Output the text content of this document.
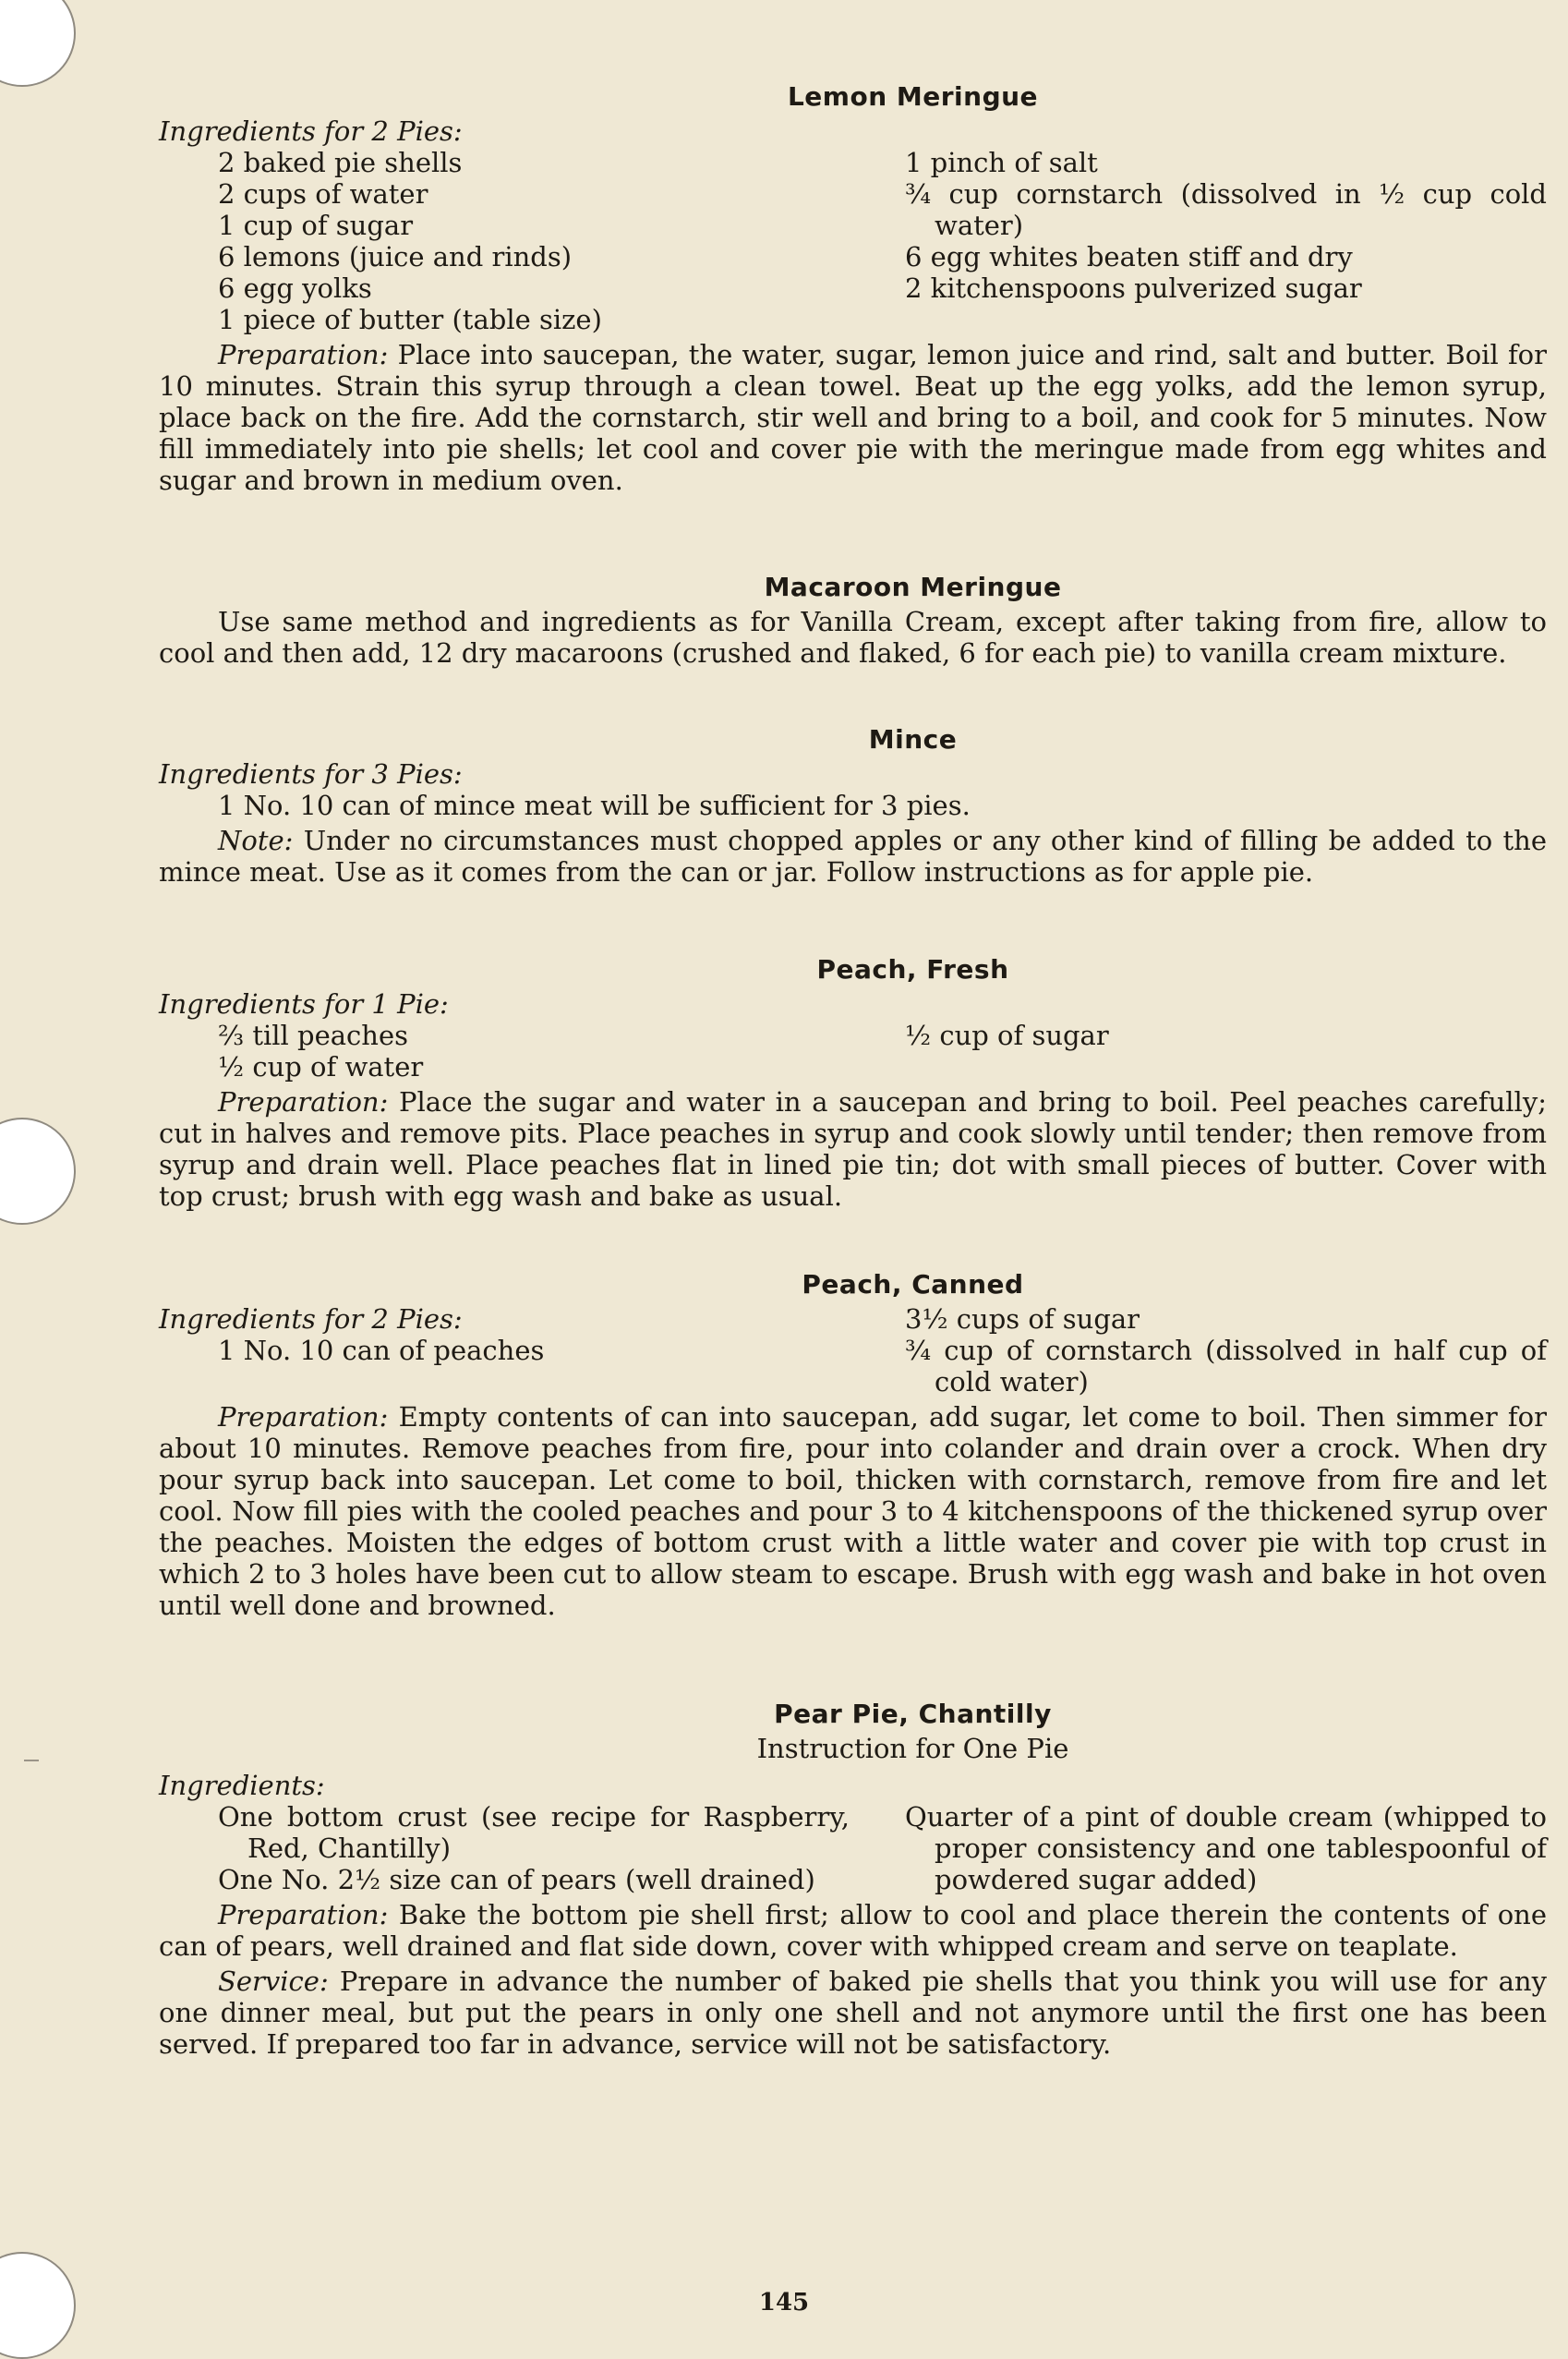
Lemon Meringue
Ingredients for 2 Pies:
2 baked pie shells
2 cups of water
1 cup of sugar
6 lemons (juice and rinds)
6 egg yolks
1 piece of butter (table size)
1 pinch of salt
¾ cup cornstarch (dissolved in ½ cup cold water)
6 egg whites beaten stiff and dry
2 kitchenspoons pulverized sugar

Preparation: Place into saucepan, the water, sugar, lemon juice and rind, salt and butter. Boil for 10 minutes. Strain this syrup through a clean towel. Beat up the egg yolks, add the lemon syrup, place back on the fire. Add the cornstarch, stir well and bring to a boil, and cook for 5 minutes. Now fill immediately into pie shells; let cool and cover pie with the meringue made from egg whites and sugar and brown in medium oven.

Macaroon Meringue

Use same method and ingredients as for Vanilla Cream, except after taking from fire, allow to cool and then add, 12 dry macaroons (crushed and flaked, 6 for each pie) to vanilla cream mixture.

Mince
Ingredients for 3 Pies:
1 No. 10 can of mince meat will be sufficient for 3 pies.

Note: Under no circumstances must chopped apples or any other kind of filling be added to the mince meat. Use as it comes from the can or jar. Follow instructions as for apple pie.

Peach, Fresh
Ingredients for 1 Pie:
⅔ till peaches
½ cup of water
½ cup of sugar

Preparation: Place the sugar and water in a saucepan and bring to boil. Peel peaches carefully; cut in halves and remove pits. Place peaches in syrup and cook slowly until tender; then remove from syrup and drain well. Place peaches flat in lined pie tin; dot with small pieces of butter. Cover with top crust; brush with egg wash and bake as usual.

Peach, Canned
Ingredients for 2 Pies:
1 No. 10 can of peaches
3½ cups of sugar
¾ cup of cornstarch (dissolved in half cup of cold water)

Preparation: Empty contents of can into saucepan, add sugar, let come to boil. Then simmer for about 10 minutes. Remove peaches from fire, pour into colander and drain over a crock. When dry pour syrup back into saucepan. Let come to boil, thicken with cornstarch, remove from fire and let cool. Now fill pies with the cooled peaches and pour 3 to 4 kitchenspoons of the thickened syrup over the peaches. Moisten the edges of bottom crust with a little water and cover pie with top crust in which 2 to 3 holes have been cut to allow steam to escape. Brush with egg wash and bake in hot oven until well done and browned.

Pear Pie, Chantilly
Instruction for One Pie
Ingredients:
One bottom crust (see recipe for Raspberry, Red, Chantilly)
One No. 2½ size can of pears (well drained)
Quarter of a pint of double cream (whipped to proper consistency and one tablespoonful of powdered sugar added)

Preparation: Bake the bottom pie shell first; allow to cool and place therein the contents of one can of pears, well drained and flat side down, cover with whipped cream and serve on teaplate.

Service: Prepare in advance the number of baked pie shells that you think you will use for any one dinner meal, but put the pears in only one shell and not anymore until the first one has been served. If prepared too far in advance, service will not be satisfactory.

145
